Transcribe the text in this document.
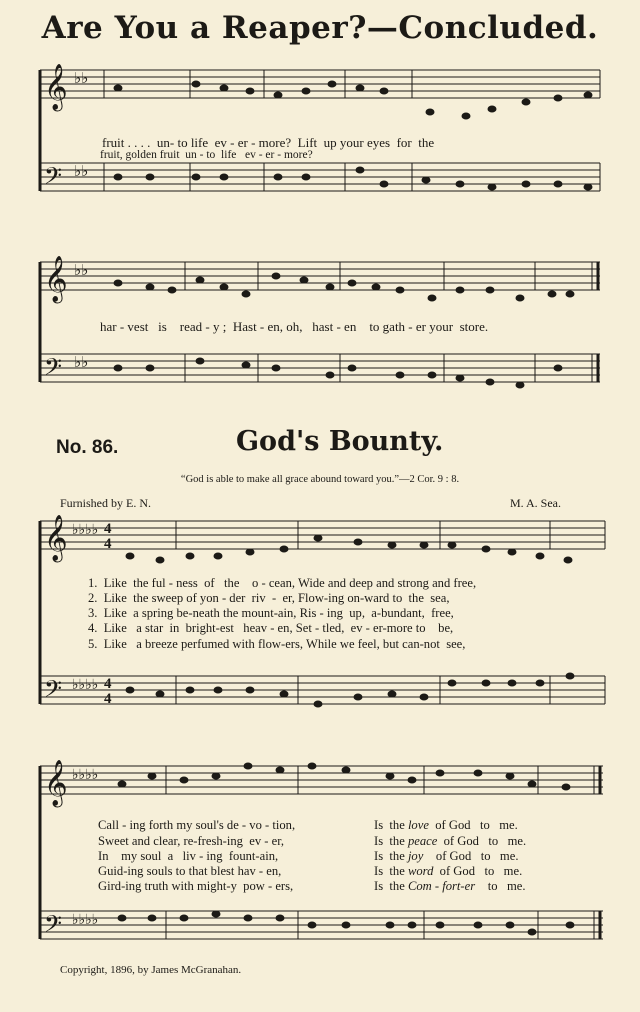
Are You a Reaper?—Concluded.
𝄞
𝄢
𝄞
𝄢
𝄞
𝄢
𝄞
𝄢
♭♭
♭♭
♭♭
♭♭
♭♭♭♭
♭♭♭♭
♭♭♭♭
♭♭♭♭
4
4
4
4
fruit . . . .  un- to life  ev - er - more?  Lift  up your eyes  for  the
fruit, golden fruit  un - to  life   ev - er - more?
har - vest   is    read - y ;  Hast - en, oh,   hast - en    to gath - er your  store.
No. 86.	God's Bounty.
“God is able to make all grace abound toward you.”—2 Cor. 9 : 8.
Furnished by E. N.	M. A. Sea.
1.  Like  the ful - ness  of   the    o - cean, Wide and deep and strong and free,
2.  Like  the sweep of yon - der  riv  -  er, Flow-ing on-ward to  the  sea,
3.  Like  a spring be-neath the mount-ain, Ris - ing  up,  a-bundant,  free,
4.  Like   a star  in  bright-est   heav - en, Set - tled,  ev - er-more to    be,
5.  Like   a breeze perfumed with flow-ers, While we feel, but can-not  see,
Call - ing forth my soul's de - vo - tion,
Sweet and clear, re-fresh-ing  ev - er,
In    my soul  a   liv - ing  fount-ain,
Guid-ing souls to that blest hav - en,
Gird-ing truth with might-y  pow - ers,
Is  the love of God   to   me.
Is  the peace of God   to   me.
Is  the joy of God   to   me.
Is  the word of God   to   me.
Is  the Com - fort-er to   me.
Copyright, 1896, by James McGranahan.
